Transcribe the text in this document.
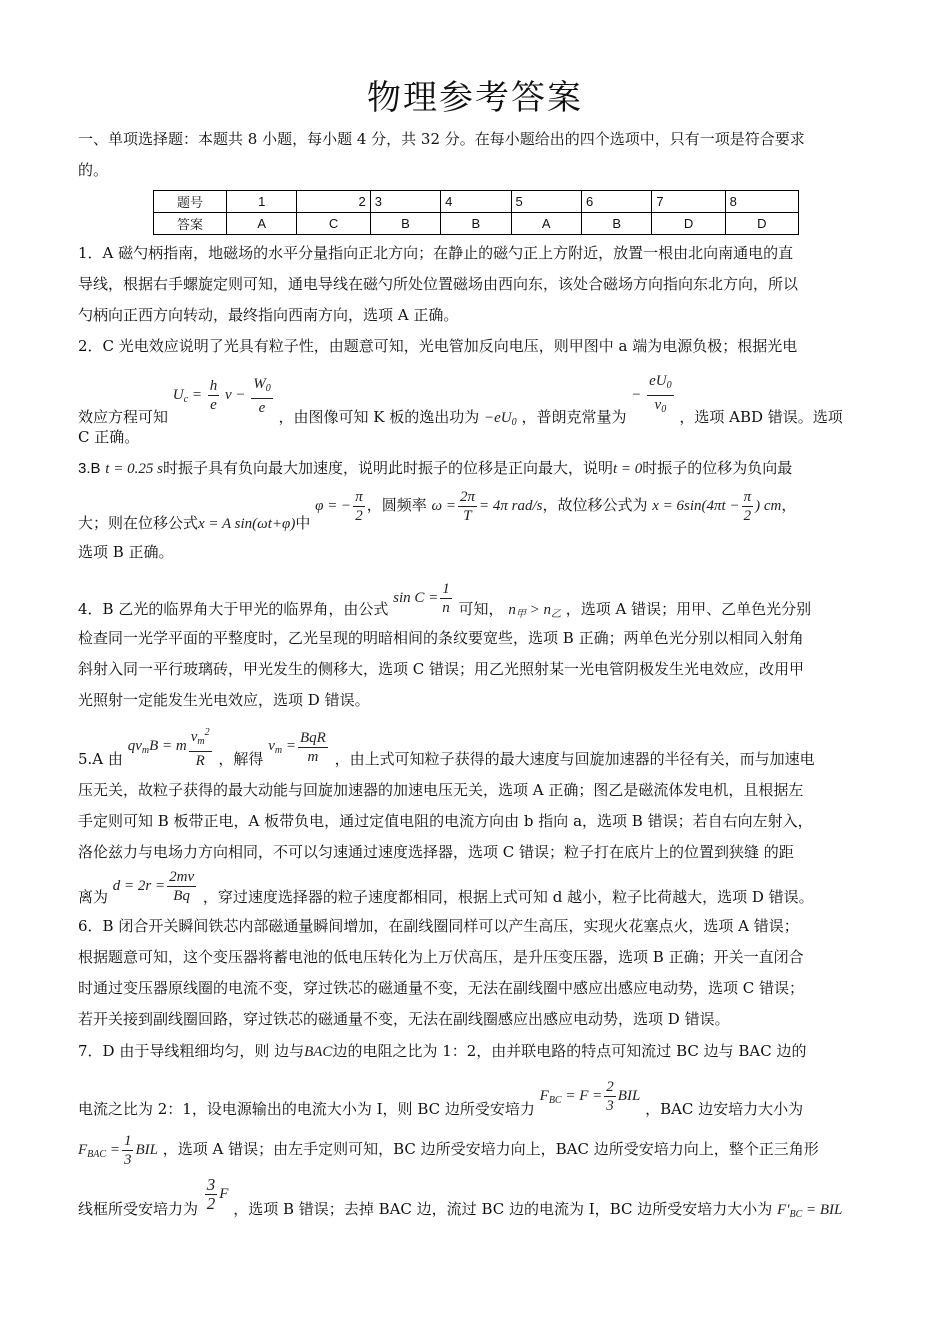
物理参考答案
一、单项选择题：本题共 8 小题，每小题 4 分，共 32 分。在每小题给出的四个选项中，只有一项是符合要求
的。
题号	1	2	3	4	5	6	7	8
答案	A	C	B	B	A	B	D	D
1．A 磁勺柄指南，地磁场的水平分量指向正北方向；在静止的磁勺正上方附近，放置一根由北向南通电的直
导线，根据右手螺旋定则可知，通电导线在磁勺所处位置磁场由西向东，该处合磁场方向指向东北方向，所以
勺柄向正西方向转动，最终指向西南方向，选项 A 正确。
2．C 光电效应说明了光具有粒子性，由题意可知，光电管加反向电压，则甲图中 a 端为电源负极；根据光电
效应方程可知 $U_c = \frac{h}{e}$ $\nu - \frac{W_0}{e}$
，由图像可知 K 板的逸出功为 $-eU_0$ ，普朗克常量为 − $\frac{eU_0}{\nu_0}$ ，选项 ABD 错误。选项
C 正确。
3.B t = 0.25 s时振子具有负向最大加速度，说明此时振子的位移是正向最大，说明t = 0时振子的位移为负向最
大；则在位移公式x = A sin(ωt+φ)中 φ = − $\frac{\pi}{2}$ ，圆频率 $\omega = \frac{2\pi}{T} = 4\pi$ rad/s，故位移公式为 $x = 6\sin(4\pi t - \frac{\pi}{2}$ ) cm，
选项 B 正确。
4．B 乙光的临界角大于甲光的临界角，由公式 $\sin C = \frac{1}{n}$ 可知， $n_甲 > n_乙$ ，选项 A 错误；用甲、乙单色光分别
检查同一光学平面的平整度时，乙光呈现的明暗相间的条纹要宽些，选项 B 正确；两单色光分别以相同入射角
斜射入同一平行玻璃砖，甲光发生的侧移大，选项 C 错误；用乙光照射某一光电管阴极发生光电效应，改用甲
光照射一定能发生光电效应，选项 D 错误。
5.A 由 $qv_mB = m \frac{v_m^2}{R}$ ，解得 $v_m = \frac{\text{BqR}}{m}$ ，由上式可知粒子获得的最大速度与回旋加速器的半径有关，而与加速电
压无关，故粒子获得的最大动能与回旋加速器的加速电压无关，选项 A 正确；图乙是磁流体发电机，且根据左
手定则可知 B 板带正电，A 板带负电，通过定值电阻的电流方向由 b 指向 a，选项 B 错误；若自右向左射入，
洛伦兹力与电场力方向相同，不可以匀速通过速度选择器，选项 C 错误；粒子打在底片上的位置到狭缝 的距
离为 $d = 2r = \frac{2mv}{Bq}$ ，穿过速度选择器的粒子速度都相同，根据上式可知 d 越小，粒子比荷越大，选项 D 错误。
6．B 闭合开关瞬间铁芯内部磁通量瞬间增加，在副线圈同样可以产生高压，实现火花塞点火，选项 A 错误；
根据题意可知，这个变压器将蓄电池的低电压转化为上万伏高压，是升压变压器，选项 B 正确；开关一直闭合
时通过变压器原线圈的电流不变，穿过铁芯的磁通量不变，无法在副线圈中感应出感应电动势，选项 C 错误；
若开关接到副线圈回路，穿过铁芯的磁通量不变，无法在副线圈感应出感应电动势，选项 D 错误。
7．D 由于导线粗细均匀，则 边与BAC边的电阻之比为 1：2，由并联电路的特点可知流过 BC 边与 BAC 边的
电流之比为 2：1，设电源输出的电流大小为 I，则 BC 边所受安培力 $F_{BC} = F = \frac{2}{3}$ BIL ，BAC 边安培力大小为
$F_{BAC} = \frac{1}{3}$ BIL ，选项 A 错误；由左手定则可知，BC 边所受安培力向上，BAC 边所受安培力向上，整个正三角形
线框所受安培力为 $\frac{3}{2}$ F ，选项 B 错误；去掉 BAC 边，流过 BC 边的电流为 I，BC 边所受安培力大小为 $F'_{BC}$ = BIL
